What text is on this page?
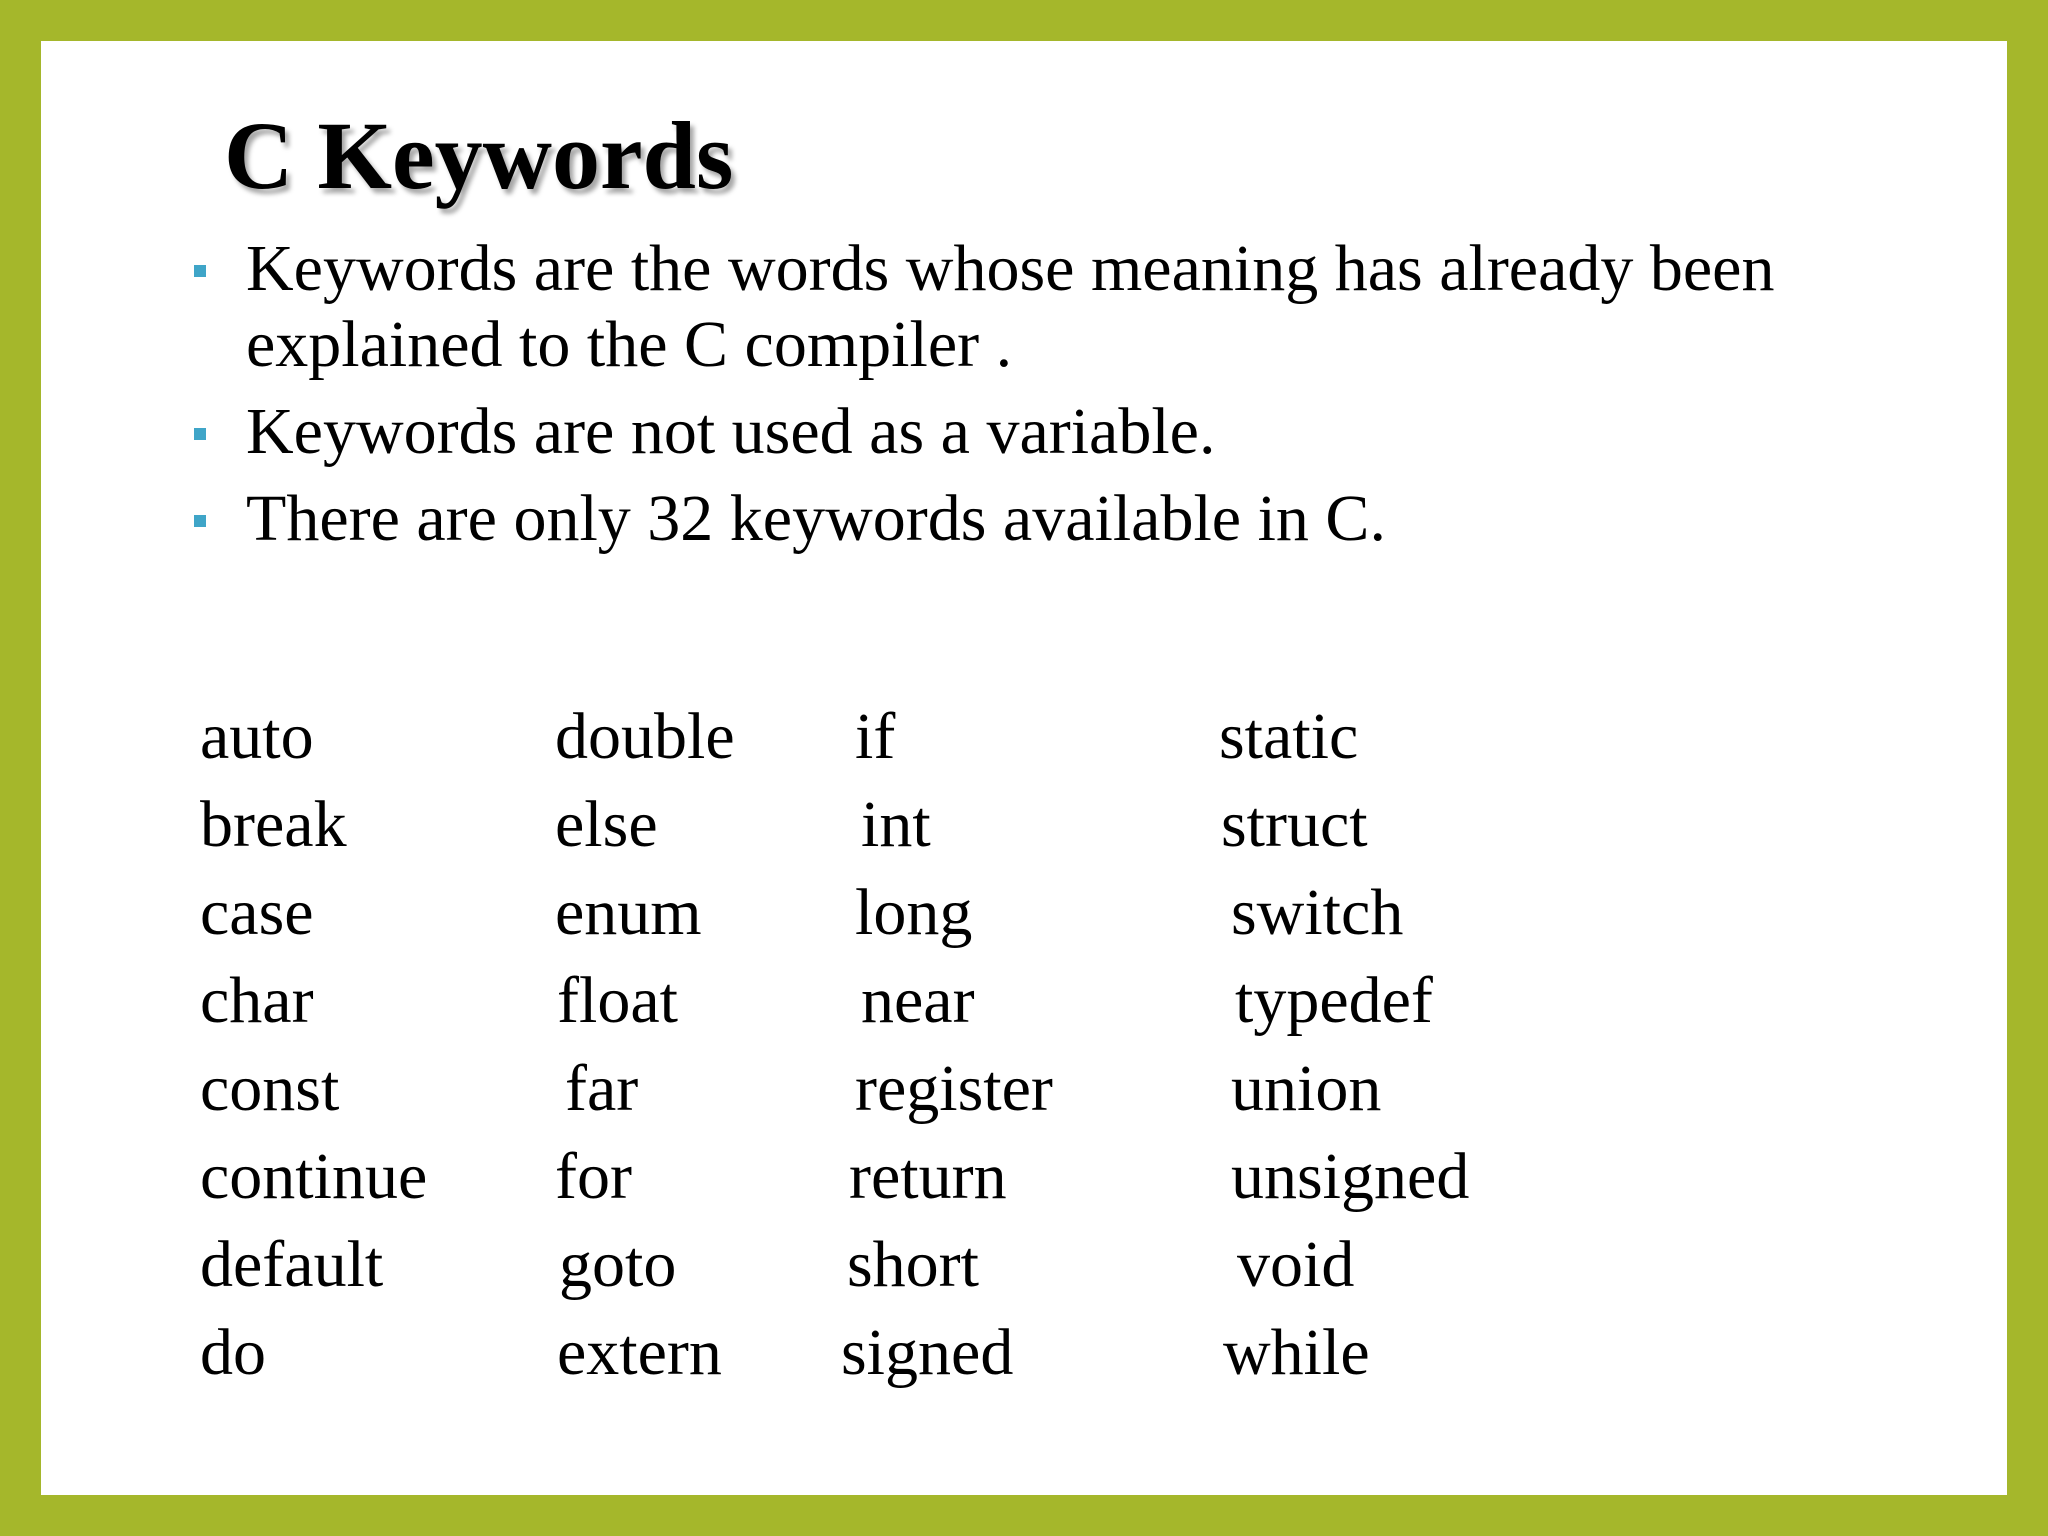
C Keywords
Keywords are the words whose meaning has already been explained to the C compiler .
Keywords are not used as a variable.
There are only 32 keywords available in C.
auto
break
case
char
const
continue
default
do
double
else
enum
float
far
for
goto
extern
if
int
long
near
register
return
short
signed
static
struct
switch
typedef
union
unsigned
void
while
